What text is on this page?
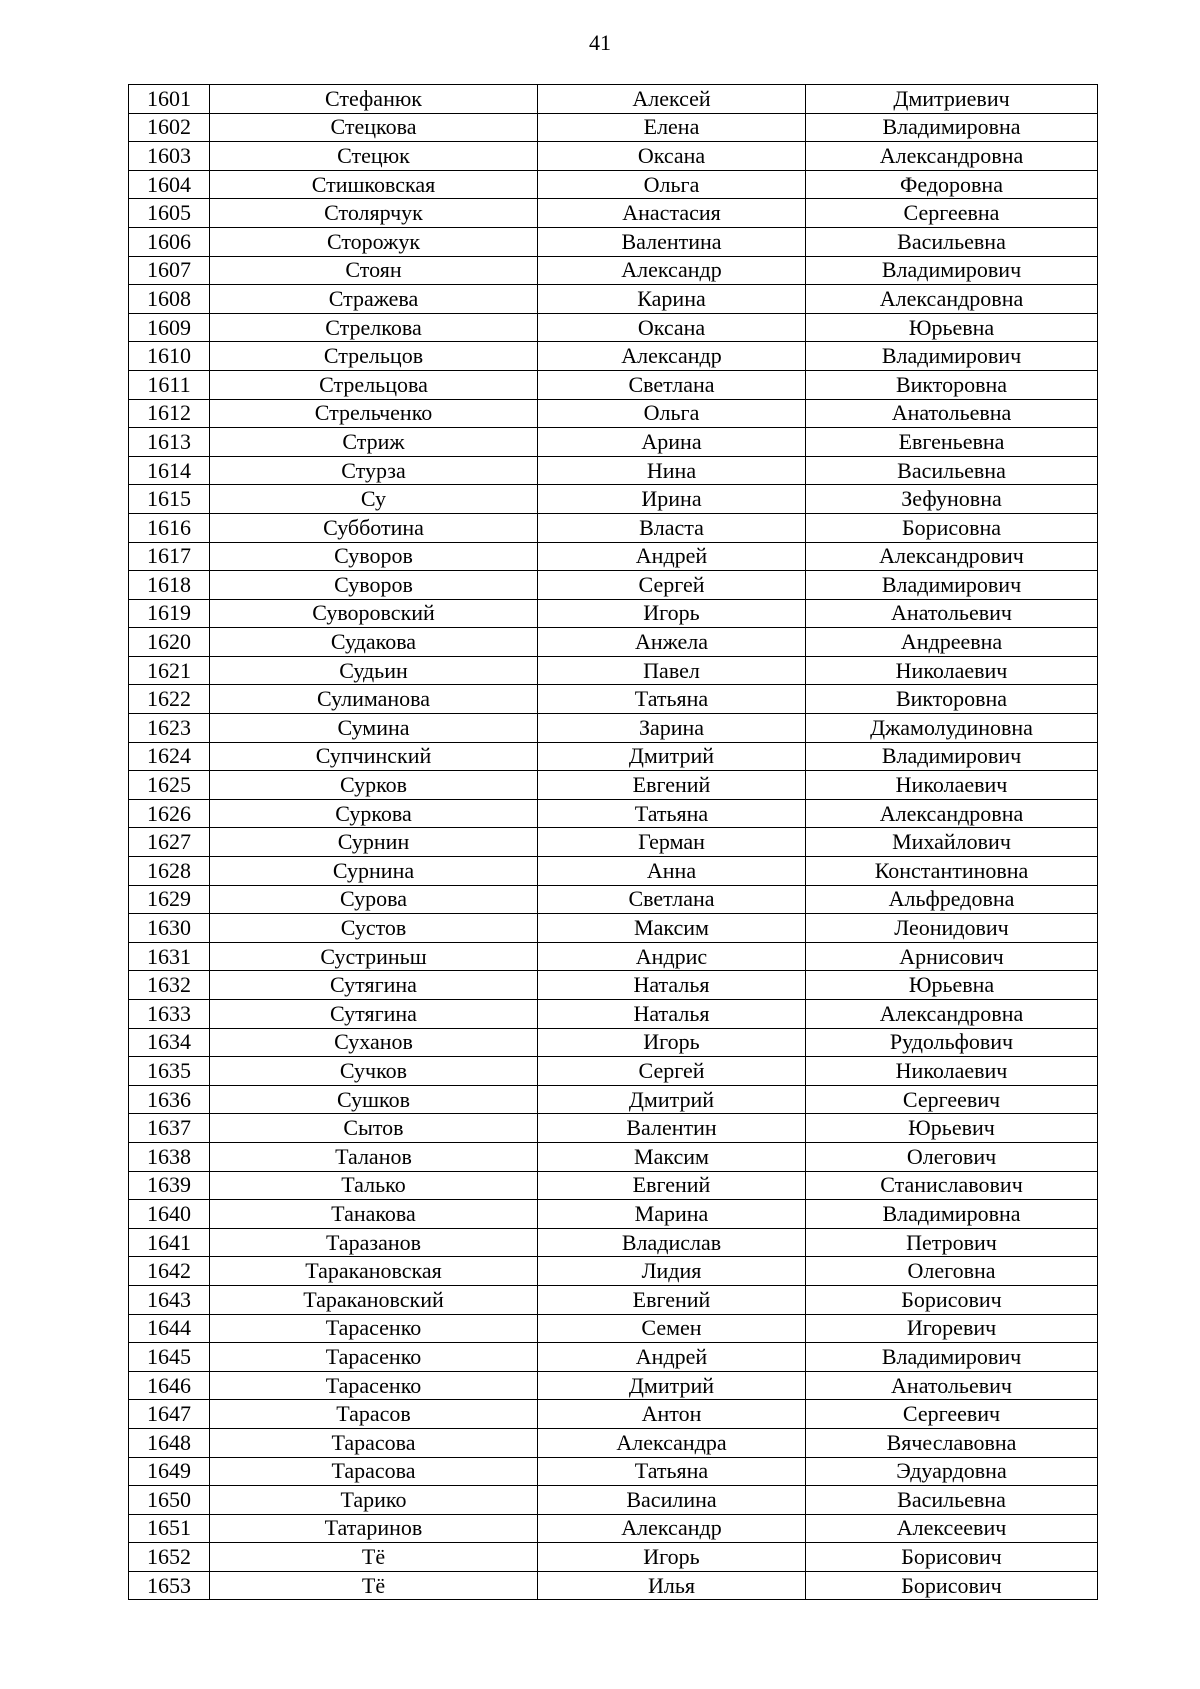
41
1601	Стефанюк	Алексей	Дмитриевич
1602	Стецкова	Елена	Владимировна
1603	Стецюк	Оксана	Александровна
1604	Стишковская	Ольга	Федоровна
1605	Столярчук	Анастасия	Сергеевна
1606	Сторожук	Валентина	Васильевна
1607	Стоян	Александр	Владимирович
1608	Стражева	Карина	Александровна
1609	Стрелкова	Оксана	Юрьевна
1610	Стрельцов	Александр	Владимирович
1611	Стрельцова	Светлана	Викторовна
1612	Стрельченко	Ольга	Анатольевна
1613	Стриж	Арина	Евгеньевна
1614	Стурза	Нина	Васильевна
1615	Су	Ирина	Зефуновна
1616	Субботина	Власта	Борисовна
1617	Суворов	Андрей	Александрович
1618	Суворов	Сергей	Владимирович
1619	Суворовский	Игорь	Анатольевич
1620	Судакова	Анжела	Андреевна
1621	Судьин	Павел	Николаевич
1622	Сулиманова	Татьяна	Викторовна
1623	Сумина	Зарина	Джамолудиновна
1624	Супчинский	Дмитрий	Владимирович
1625	Сурков	Евгений	Николаевич
1626	Суркова	Татьяна	Александровна
1627	Сурнин	Герман	Михайлович
1628	Сурнина	Анна	Константиновна
1629	Сурова	Светлана	Альфредовна
1630	Сустов	Максим	Леонидович
1631	Сустриньш	Андрис	Арнисович
1632	Сутягина	Наталья	Юрьевна
1633	Сутягина	Наталья	Александровна
1634	Суханов	Игорь	Рудольфович
1635	Сучков	Сергей	Николаевич
1636	Сушков	Дмитрий	Сергеевич
1637	Сытов	Валентин	Юрьевич
1638	Таланов	Максим	Олегович
1639	Талько	Евгений	Станиславович
1640	Танакова	Марина	Владимировна
1641	Таразанов	Владислав	Петрович
1642	Таракановская	Лидия	Олеговна
1643	Таракановский	Евгений	Борисович
1644	Тарасенко	Семен	Игоревич
1645	Тарасенко	Андрей	Владимирович
1646	Тарасенко	Дмитрий	Анатольевич
1647	Тарасов	Антон	Сергеевич
1648	Тарасова	Александра	Вячеславовна
1649	Тарасова	Татьяна	Эдуардовна
1650	Тарико	Василина	Васильевна
1651	Татаринов	Александр	Алексеевич
1652	Тё	Игорь	Борисович
1653	Тё	Илья	Борисович
